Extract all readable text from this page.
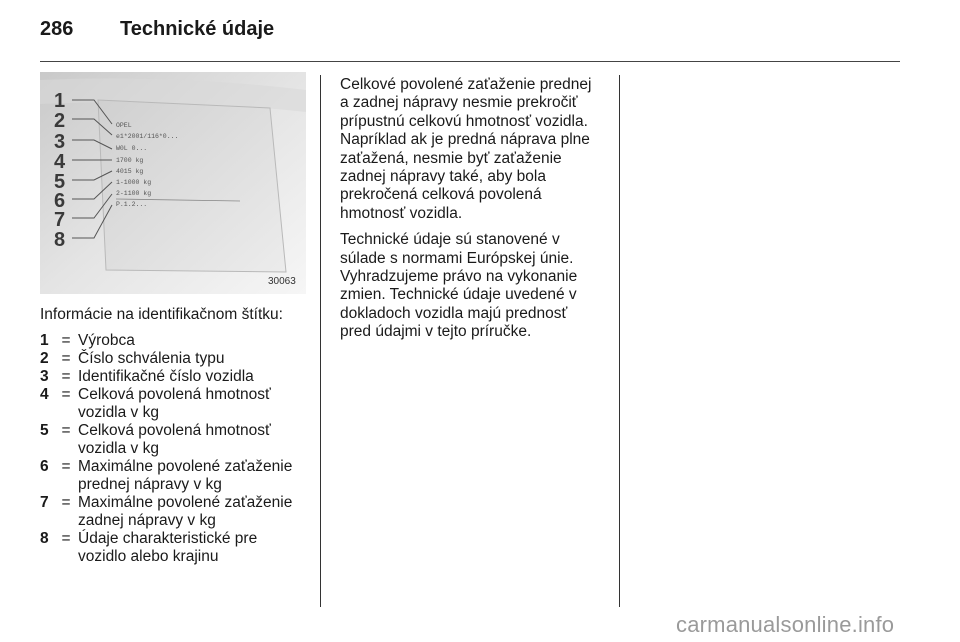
286	Technické údaje
1
2
3
4
5
6
7
8
OPEL
e1*2001/116*0...
W0L 0...
1700 kg
4015 kg
1-1000 kg
2-1100 kg
P.1.2...
30063

Informácie na identifikačnom štítku:

1 = Výrobca
2 = Číslo schválenia typu
3 = Identifikačné číslo vozidla
4 = Celková povolená hmotnosť
vozidla v kg
5 = Celková povolená hmotnosť
vozidla v kg
6 = Maximálne povolené zaťaženie
prednej nápravy v kg
7 = Maximálne povolené zaťaženie
zadnej nápravy v kg
8 = Údaje charakteristické pre
vozidlo alebo krajinu

Celkové povolené zaťaženie prednej
a zadnej nápravy nesmie prekročiť
prípustnú celkovú hmotnosť vozidla.
Napríklad ak je predná náprava plne
zaťažená, nesmie byť zaťaženie
zadnej nápravy také, aby bola
prekročená celková povolená
hmotnosť vozidla.

Technické údaje sú stanovené v
súlade s normami Európskej únie.
Vyhradzujeme právo na vykonanie
zmien. Technické údaje uvedené v
dokladoch vozidla majú prednosť
pred údajmi v tejto príručke.

carmanualsonline.info
